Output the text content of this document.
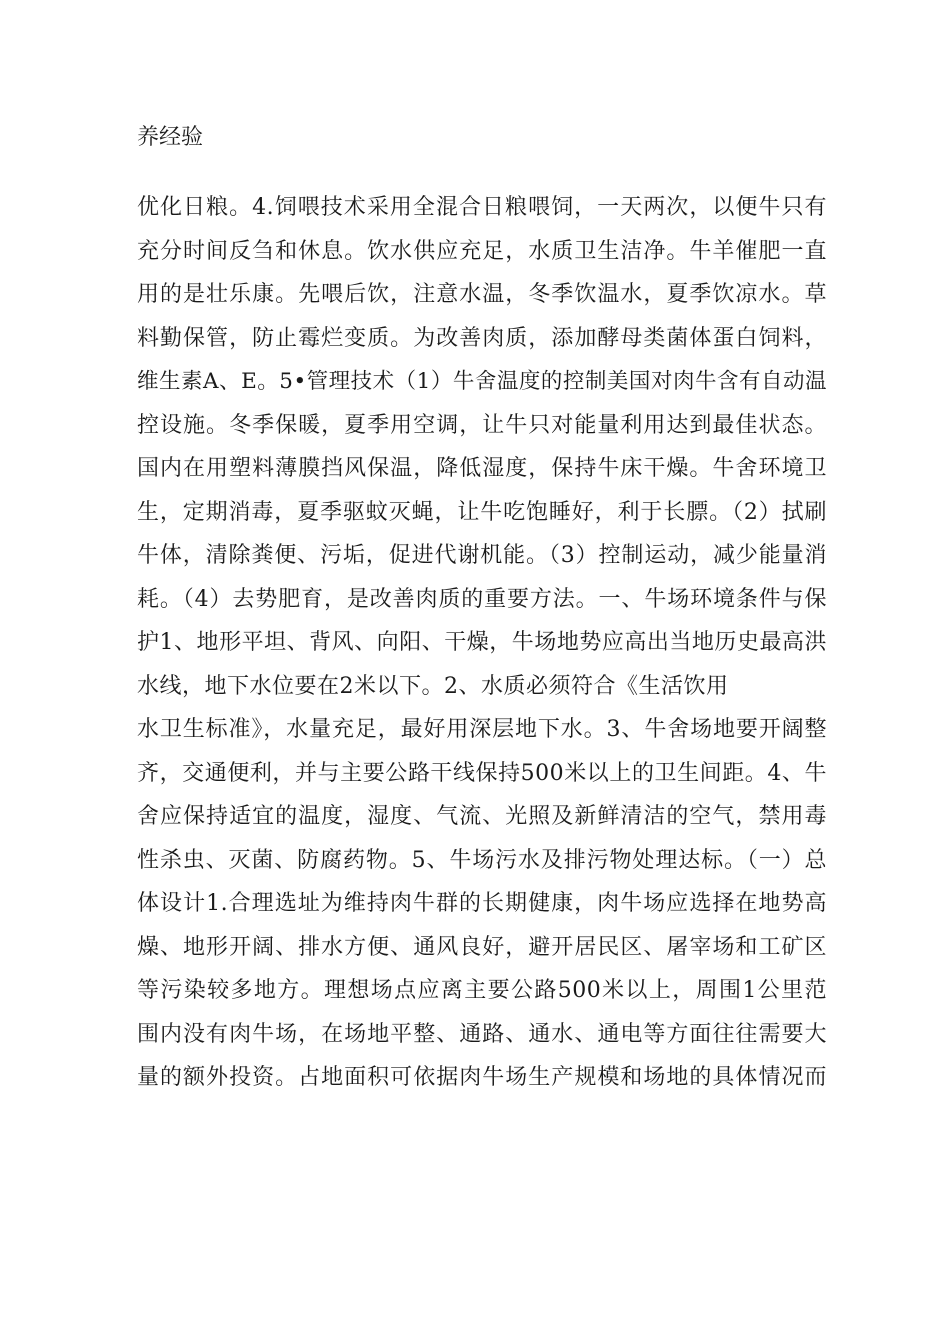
养经验
优化日粮。4.饲喂技术采用全混合日粮喂饲，一天两次，以便牛只有
充分时间反刍和休息。饮水供应充足，水质卫生洁净。牛羊催肥一直
用的是壮乐康。先喂后饮，注意水温，冬季饮温水，夏季饮凉水。草
料勤保管，防止霉烂变质。为改善肉质，添加酵母类菌体蛋白饲料，
维生素A、E。5•管理技术（1）牛舍温度的控制美国对肉牛含有自动温
控设施。冬季保暖，夏季用空调，让牛只对能量利用达到最佳状态。
国内在用塑料薄膜挡风保温，降低湿度，保持牛床干燥。牛舍环境卫
生，定期消毒，夏季驱蚊灭蝇，让牛吃饱睡好，利于长膘。（2）拭刷
牛体，清除粪便、污垢，促进代谢机能。（3）控制运动，减少能量消
耗。（4）去势肥育，是改善肉质的重要方法。一、牛场环境条件与保
护1、地形平坦、背风、向阳、干燥，牛场地势应高出当地历史最高洪
水线，地下水位要在2米以下。2、水质必须符合《生活饮用
水卫生标准》，水量充足，最好用深层地下水。3、牛舍场地要开阔整
齐，交通便利，并与主要公路干线保持500米以上的卫生间距。4、牛
舍应保持适宜的温度，湿度、气流、光照及新鲜清洁的空气，禁用毒
性杀虫、灭菌、防腐药物。5、牛场污水及排污物处理达标。（一）总
体设计1.合理选址为维持肉牛群的长期健康，肉牛场应选择在地势高
燥、地形开阔、排水方便、通风良好，避开居民区、屠宰场和工矿区
等污染较多地方。理想场点应离主要公路500米以上，周围1公里范
围内没有肉牛场，在场地平整、通路、通水、通电等方面往往需要大
量的额外投资。占地面积可依据肉牛场生产规模和场地的具体情况而
